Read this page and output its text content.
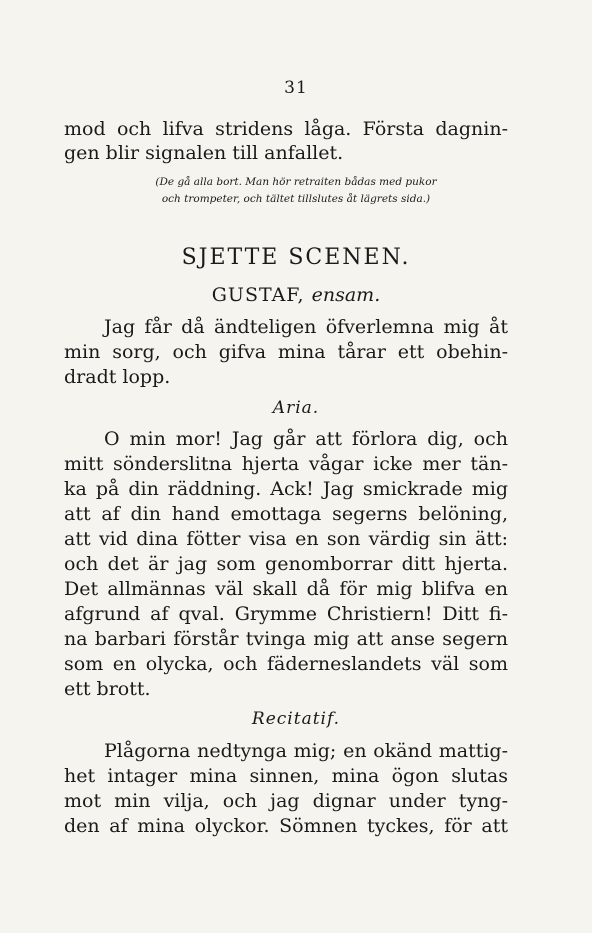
31
mod och lifva stridens låga. Första dagnin-
gen blir signalen till anfallet.
(De gå alla bort. Man hör retraiten bådas med pukor
och trompeter, och tältet tillslutes åt lägrets sida.)
SJETTE SCENEN.
GUSTAF, ensam.
Jag får då ändteligen öfverlemna mig åt
min sorg, och gifva mina tårar ett obehin-
dradt lopp.
Aria.
O min mor! Jag går att förlora dig, och
mitt sönderslitna hjerta vågar icke mer tän-
ka på din räddning. Ack! Jag smickrade mig
att af din hand emottaga segerns belöning,
att vid dina fötter visa en son värdig sin ätt:
och det är jag som genomborrar ditt hjerta.
Det allmännas väl skall då för mig blifva en
afgrund af qval. Grymme Christiern! Ditt fi-
na barbari förstår tvinga mig att anse segern
som en olycka, och fäderneslandets väl som
ett brott.
Recitatif.
Plågorna nedtynga mig; en okänd mattig-
het intager mina sinnen, mina ögon slutas
mot min vilja, och jag dignar under tyng-
den af mina olyckor. Sömnen tyckes, för att
